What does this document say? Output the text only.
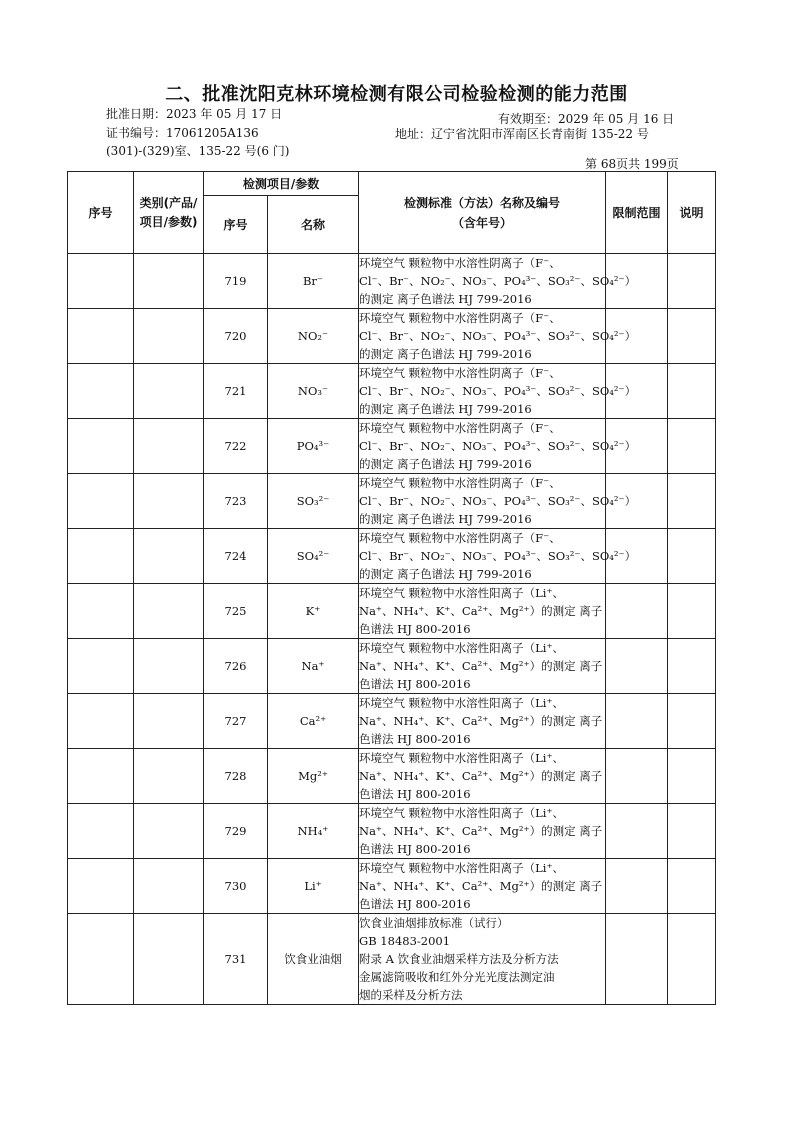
二、批准沈阳克林环境检测有限公司检验检测的能力范围
批准日期：2023 年 05 月 17 日	有效期至：2029 年 05 月 16 日
证书编号：17061205A136	地址：辽宁省沈阳市浑南区长青南街 135-22 号
(301)-(329)室、135-22 号(6 门)
第 68页共 199页
序号	类别(产品/项目/参数)	检测项目/参数		检测标准（方法）名称及编号（含年号）	限制范围	说明
		序号	名称			
		719	Br⁻	环境空气 颗粒物中水溶性阴离子（F⁻、
Cl⁻、Br⁻、NO₂⁻、NO₃⁻、PO₄³⁻、SO₃²⁻、SO₄²⁻）
的测定 离子色谱法 HJ 799-2016		

		720	NO₂⁻	环境空气 颗粒物中水溶性阴离子（F⁻、
Cl⁻、Br⁻、NO₂⁻、NO₃⁻、PO₄³⁻、SO₃²⁻、SO₄²⁻）
的测定 离子色谱法 HJ 799-2016		

		721	NO₃⁻	环境空气 颗粒物中水溶性阴离子（F⁻、
Cl⁻、Br⁻、NO₂⁻、NO₃⁻、PO₄³⁻、SO₃²⁻、SO₄²⁻）
的测定 离子色谱法 HJ 799-2016		

		722	PO₄³⁻	环境空气 颗粒物中水溶性阴离子（F⁻、
Cl⁻、Br⁻、NO₂⁻、NO₃⁻、PO₄³⁻、SO₃²⁻、SO₄²⁻）
的测定 离子色谱法 HJ 799-2016		

		723	SO₃²⁻	环境空气 颗粒物中水溶性阴离子（F⁻、
Cl⁻、Br⁻、NO₂⁻、NO₃⁻、PO₄³⁻、SO₃²⁻、SO₄²⁻）
的测定 离子色谱法 HJ 799-2016		

		724	SO₄²⁻	环境空气 颗粒物中水溶性阴离子（F⁻、
Cl⁻、Br⁻、NO₂⁻、NO₃⁻、PO₄³⁻、SO₃²⁻、SO₄²⁻）
的测定 离子色谱法 HJ 799-2016		

		725	K⁺	环境空气 颗粒物中水溶性阳离子（Li⁺、
Na⁺、NH₄⁺、K⁺、Ca²⁺、Mg²⁺）的测定 离子
色谱法 HJ 800-2016		

		726	Na⁺	环境空气 颗粒物中水溶性阳离子（Li⁺、
Na⁺、NH₄⁺、K⁺、Ca²⁺、Mg²⁺）的测定 离子
色谱法 HJ 800-2016		

		727	Ca²⁺	环境空气 颗粒物中水溶性阳离子（Li⁺、
Na⁺、NH₄⁺、K⁺、Ca²⁺、Mg²⁺）的测定 离子
色谱法 HJ 800-2016		

		728	Mg²⁺	环境空气 颗粒物中水溶性阳离子（Li⁺、
Na⁺、NH₄⁺、K⁺、Ca²⁺、Mg²⁺）的测定 离子
色谱法 HJ 800-2016		

		729	NH₄⁺	环境空气 颗粒物中水溶性阳离子（Li⁺、
Na⁺、NH₄⁺、K⁺、Ca²⁺、Mg²⁺）的测定 离子
色谱法 HJ 800-2016		

		730	Li⁺	环境空气 颗粒物中水溶性阳离子（Li⁺、
Na⁺、NH₄⁺、K⁺、Ca²⁺、Mg²⁺）的测定 离子
色谱法 HJ 800-2016		

		731	饮食业油烟	饮食业油烟排放标准（试行）
GB 18483-2001
附录 A 饮食业油烟采样方法及分析方法
金属滤筒吸收和红外分光光度法测定油
烟的采样及分析方法		
